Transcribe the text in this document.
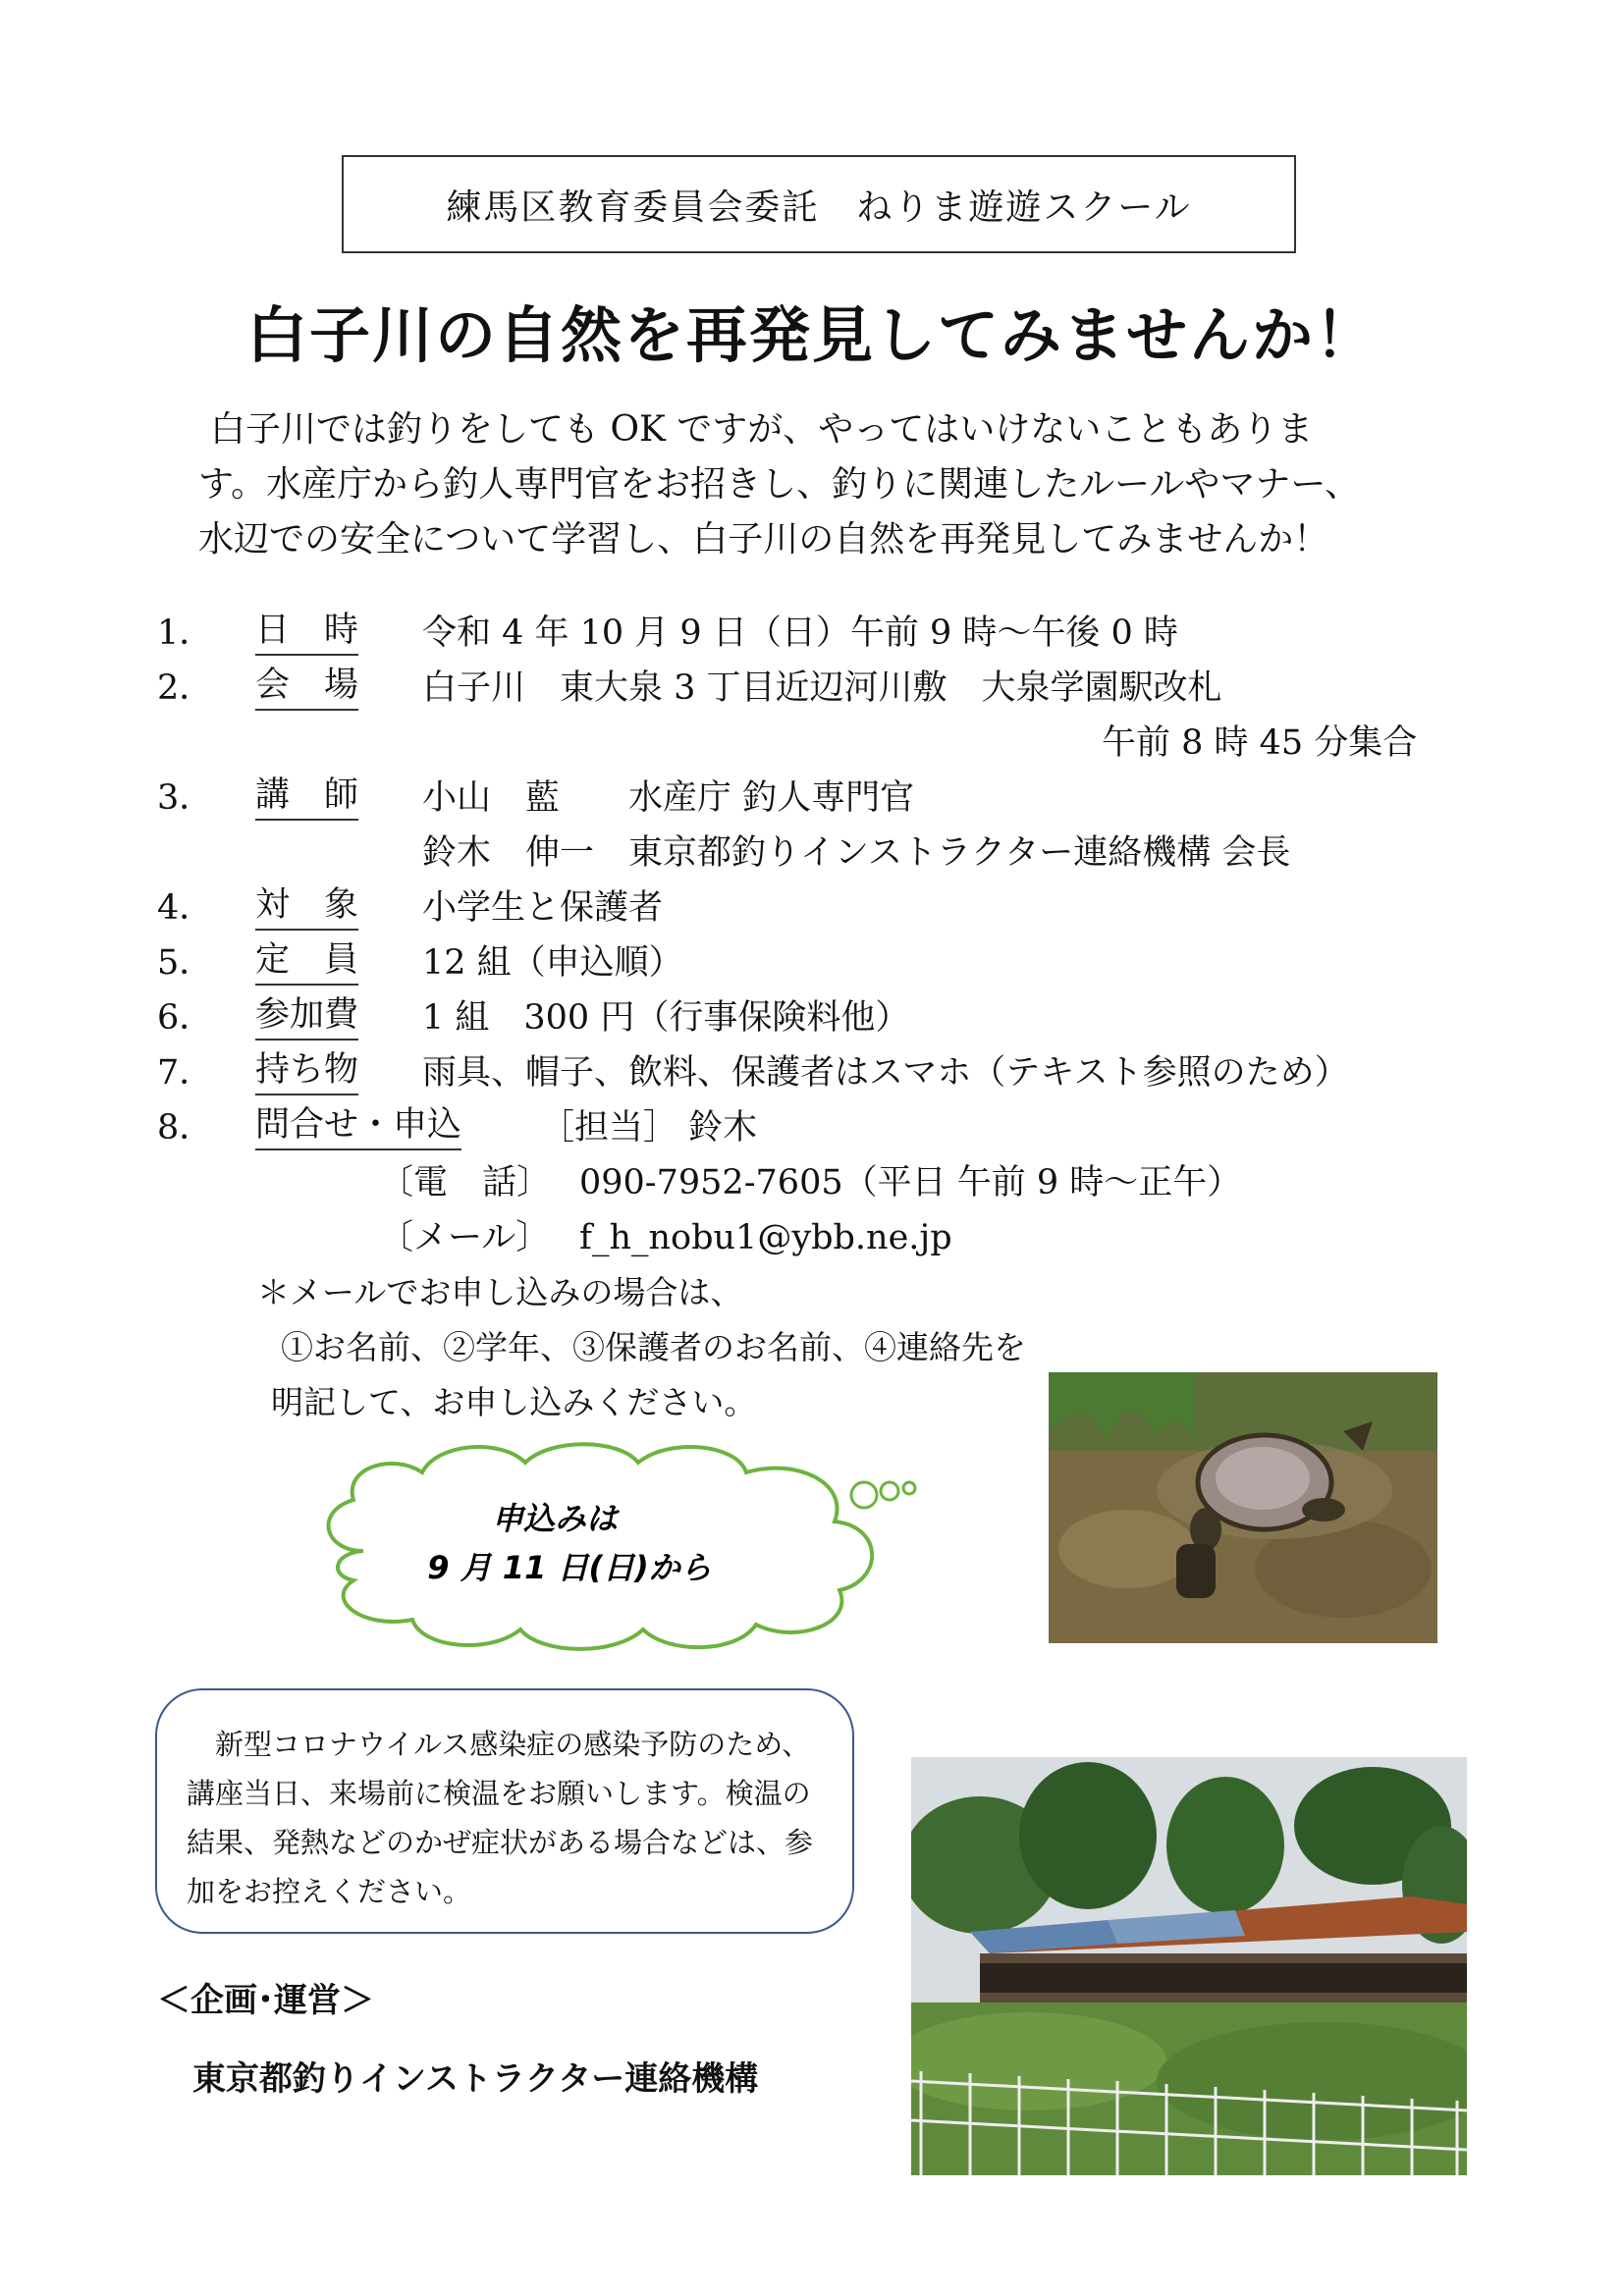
練馬区教育委員会委託　ねりま遊遊スクール
白子川の自然を再発見してみませんか！

白子川では釣りをしても OK ですが、やってはいけないこともありま

す。水産庁から釣人専門官をお招きし、釣りに関連したルールやマナー、

水辺での安全について学習し、白子川の自然を再発見してみませんか！

1．	日　時 令和 4 年 10 月 9 日（日）午前 9 時～午後 0 時
2．	会　場 白子川　東大泉 3 丁目近辺河川敷　大泉学園駅改札
午前 8 時 45 分集合
3．	講　師 小山　藍　　水産庁 釣人専門官
鈴木　伸一　東京都釣りインストラクター連絡機構 会長
4．	対　象 小学生と保護者
5．	定　員 12 組（申込順）
6．	参加費 1 組　300 円（行事保険料他）
7．	持ち物 雨具、帽子、飲料、保護者はスマホ（テキスト参照のため）
8．	問合せ・申込 ［担当］ 鈴木
〔電　話〕 090-7952-7605（平日 午前 9 時～正午）
〔メール〕 f_h_nobu1@ybb.ne.jp
＊メールでお申し込みの場合は、
①お名前、②学年、③保護者のお名前、④連絡先を
明記して、お申し込みください。
申込みは
9 月 11 日(日)から

新型コロナウイルス感染症の感染予防のため、講座当日、来場前に検温をお願いします。検温の結果、発熱などのかぜ症状がある場合などは、参加をお控えください。

＜企画･運営＞
東京都釣りインストラクター連絡機構
